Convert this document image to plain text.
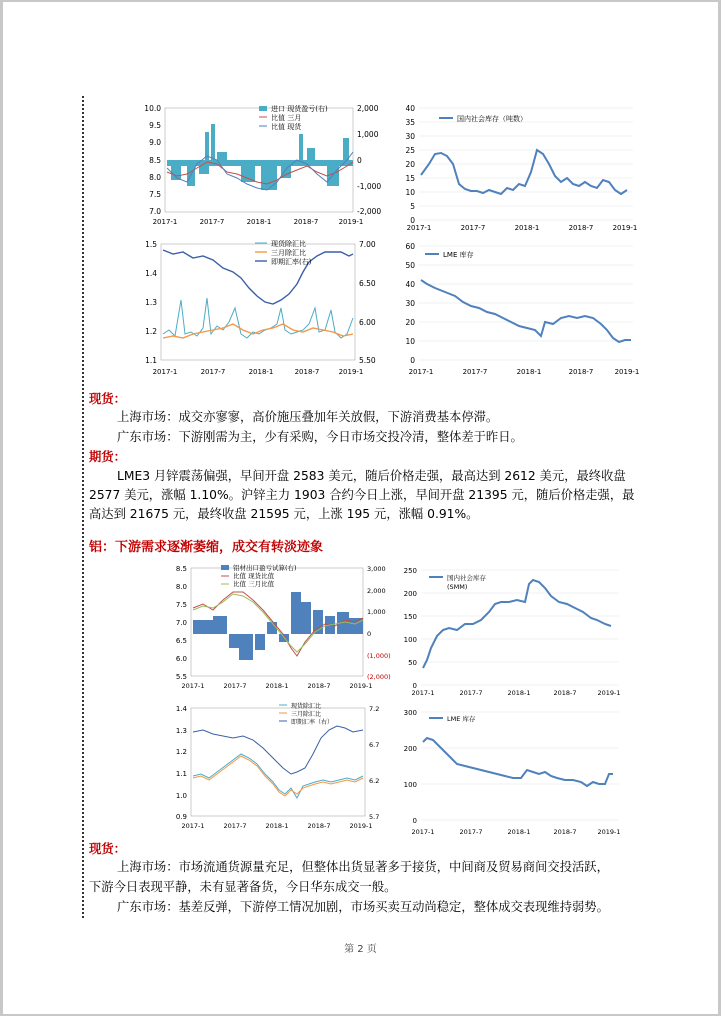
10.0
9.5
9.0
8.5
8.0
7.5
7.0
2,000
1,000
0
-1,000
-2,000
进口 现货盈亏(右)
比值 三月
比值 现货
2017-1	2017-7	2018-1	2018-7	2019-1
40
35
30
25
20
15
10
5
0
国内社会库存（吨数）
2017-1	2017-7	2018-1	2018-7	2019-1
1.5
1.4
1.3
1.2
1.1
7.00
6.50
6.00
5.50
现货除汇比
三月除汇比
即期汇率(右)
2017-1	2017-7	2018-1	2018-7	2019-1
60
50
40
30
20
10
0
LME 库存
2017-1	2017-7	2018-1	2018-7	2019-1
现货：
上海市场：成交亦寥寥，高价施压叠加年关放假，下游消费基本停滞。
广东市场：下游刚需为主，少有采购，今日市场交投冷清，整体差于昨日。
期货：
LME3 月锌震荡偏强，早间开盘 2583 美元，随后价格走强，最高达到 2612 美元，最终收盘
2577 美元，涨幅 1.10%。沪锌主力 1903 合约今日上涨，早间开盘 21395 元，随后价格走强，最
高达到 21675 元，最终收盘 21595 元，上涨 195 元，涨幅 0.91%。
铝：下游需求逐渐萎缩，成交有转淡迹象
8.5
8.0
7.5
7.0
6.5
6.0
5.5
3,000
2,000
1,000
0
(1,000)
(2,000)
铝材出口盈亏试算(右)
比值 现货比值
比值 三月比值
2017-1	2017-7	2018-1	2018-7	2019-1
250
200
150
100
50
0
国内社会库存
(SMM)
2017-1	2017-7	2018-1	2018-7	2019-1
1.4
1.3
1.2
1.1
1.0
0.9
7.2
6.7
6.2
5.7
现货除汇比
三月除汇比
即期汇率（右）
2017-1	2017-7	2018-1	2018-7	2019-1
300
200
100
0
LME 库存
2017-1	2017-7	2018-1	2018-7	2019-1
现货：
上海市场：市场流通货源量充足，但整体出货显著多于接货，中间商及贸易商间交投活跃，
下游今日表现平静，未有显著备货，今日华东成交一般。
广东市场：基差反弹，下游停工情况加剧，市场买卖互动尚稳定，整体成交表现维持弱势。
第 2 页
